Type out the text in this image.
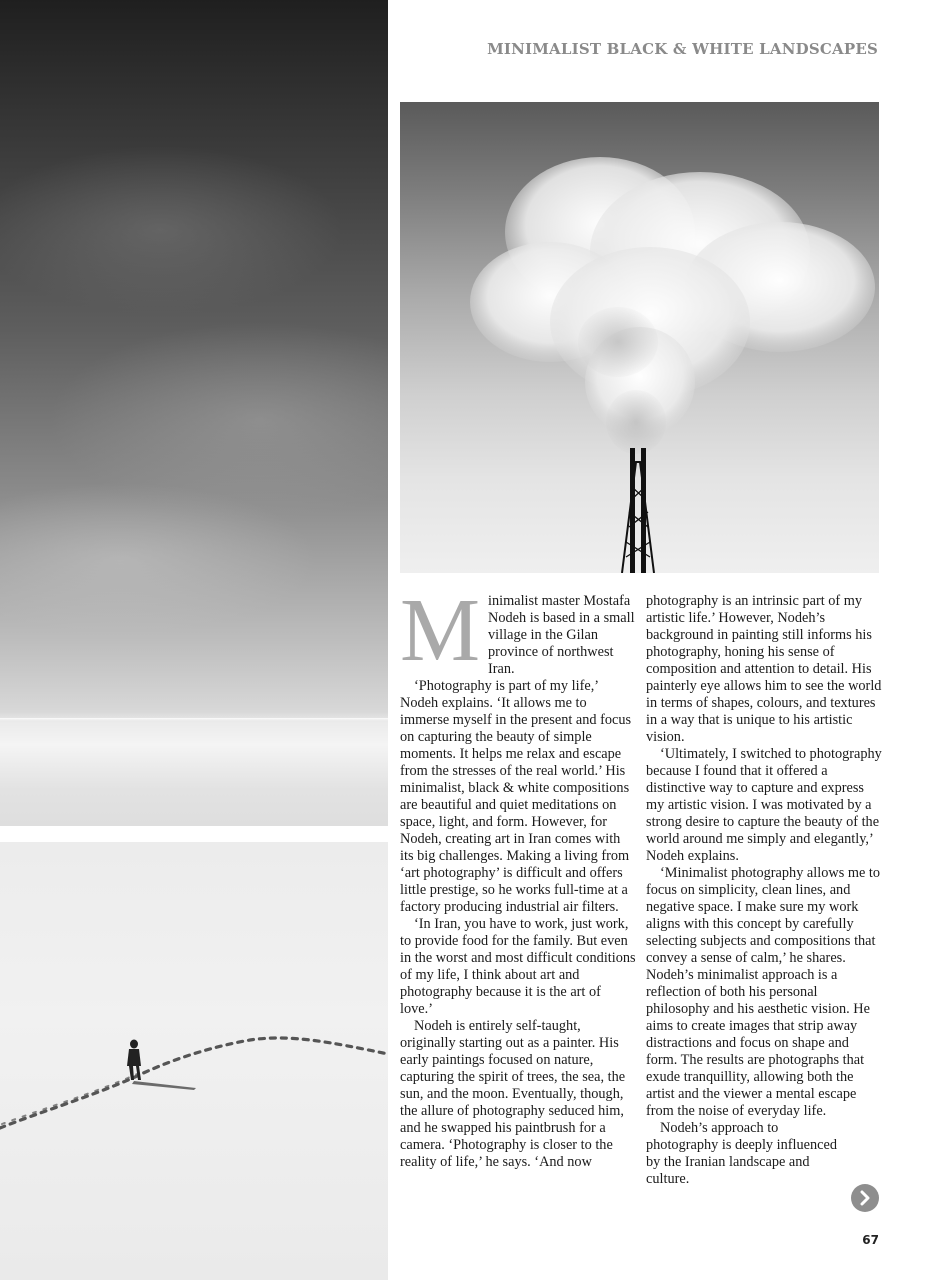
MINIMALIST BLACK & WHITE LANDSCAPES

Minimalist master Mostafa Nodeh is based in a small village in the Gilan province of northwest Iran.

‘Photography is part of my life,’ Nodeh explains. ‘It allows me to immerse myself in the present and focus on capturing the beauty of simple moments. It helps me relax and escape from the stresses of the real world.’ His minimalist, black & white compositions are beautiful and quiet meditations on space, light, and form. However, for Nodeh, creating art in Iran comes with its big challenges. Making a living from ‘art photography’ is difficult and offers little prestige, so he works full-time at a factory producing industrial air filters.

‘In Iran, you have to work, just work, to provide food for the family. But even in the worst and most difficult conditions of my life, I think about art and photography because it is the art of love.’

Nodeh is entirely self-taught, originally starting out as a painter. His early paintings focused on nature, capturing the spirit of trees, the sea, the sun, and the moon. Eventually, though, the allure of photography seduced him, and he swapped his paintbrush for a camera. ‘Photography is closer to the reality of life,’ he says. ‘And now

photography is an intrinsic part of my artistic life.’ However, Nodeh’s background in painting still informs his photography, honing his sense of composition and attention to detail. His painterly eye allows him to see the world in terms of shapes, colours, and textures in a way that is unique to his artistic vision.

‘Ultimately, I switched to photography because I found that it offered a distinctive way to capture and express my artistic vision. I was motivated by a strong desire to capture the beauty of the world around me simply and elegantly,’ Nodeh explains.

‘Minimalist photography allows me to focus on simplicity, clean lines, and negative space. I make sure my work aligns with this concept by carefully selecting subjects and compositions that convey a sense of calm,’ he shares. Nodeh’s minimalist approach is a reflection of both his personal philosophy and his aesthetic vision. He aims to create images that strip away distractions and focus on shape and form. The results are photographs that exude tranquillity, allowing both the artist and the viewer a mental escape from the noise of everyday life.

Nodeh’s approach to photography is deeply influenced by the Iranian landscape and culture.

67
